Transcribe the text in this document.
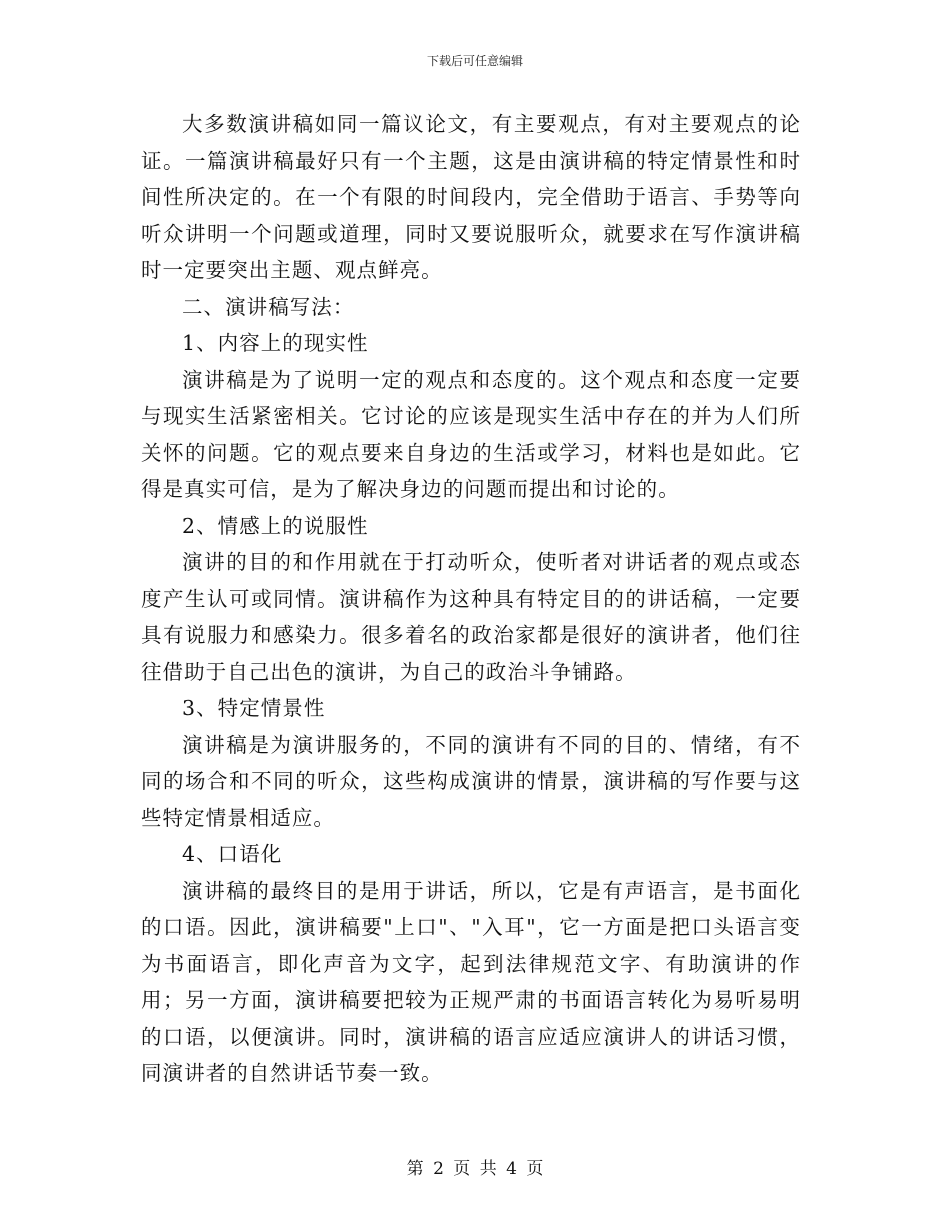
下载后可任意编辑

大多数演讲稿如同一篇议论文，有主要观点，有对主要观点的论证。一篇演讲稿最好只有一个主题，这是由演讲稿的特定情景性和时间性所决定的。在一个有限的时间段内，完全借助于语言、手势等向听众讲明一个问题或道理，同时又要说服听众，就要求在写作演讲稿时一定要突出主题、观点鲜亮。

二、演讲稿写法：

1、内容上的现实性

演讲稿是为了说明一定的观点和态度的。这个观点和态度一定要与现实生活紧密相关。它讨论的应该是现实生活中存在的并为人们所关怀的问题。它的观点要来自身边的生活或学习，材料也是如此。它得是真实可信，是为了解决身边的问题而提出和讨论的。

2、情感上的说服性

演讲的目的和作用就在于打动听众，使听者对讲话者的观点或态度产生认可或同情。演讲稿作为这种具有特定目的的讲话稿，一定要具有说服力和感染力。很多着名的政治家都是很好的演讲者，他们往往借助于自己出色的演讲，为自己的政治斗争铺路。

3、特定情景性

演讲稿是为演讲服务的，不同的演讲有不同的目的、情绪，有不同的场合和不同的听众，这些构成演讲的情景，演讲稿的写作要与这些特定情景相适应。

4、口语化

演讲稿的最终目的是用于讲话，所以，它是有声语言，是书面化的口语。因此，演讲稿要"上口"、"入耳"，它一方面是把口头语言变为书面语言，即化声音为文字，起到法律规范文字、有助演讲的作用；另一方面，演讲稿要把较为正规严肃的书面语言转化为易听易明的口语，以便演讲。同时，演讲稿的语言应适应演讲人的讲话习惯，同演讲者的自然讲话节奏一致。

第 2 页 共 4 页
